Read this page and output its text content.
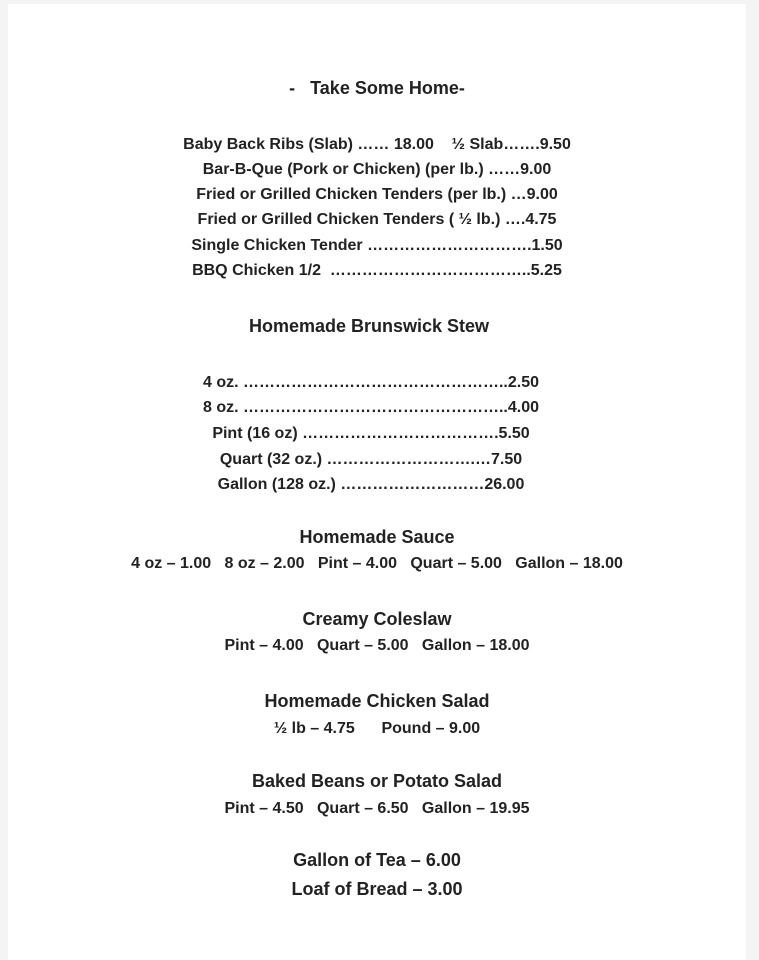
-   Take Some Home-
Baby Back Ribs (Slab) …… 18.00    ½ Slab…….9.50
Bar-B-Que (Pork or Chicken) (per lb.) ……9.00
Fried or Grilled Chicken Tenders (per lb.) …9.00
Fried or Grilled Chicken Tenders ( ½ lb.) ….4.75
Single Chicken Tender ………………………….1.50
BBQ Chicken 1/2  ………………………………..5.25
Homemade Brunswick Stew
4 oz. …………………………………………..2.50
8 oz. …………………………………………..4.00
Pint (16 oz) ……………………………….5.50
Quart (32 oz.) ……………………….…7.50
Gallon (128 oz.) ………………………26.00
Homemade Sauce
4 oz – 1.00   8 oz – 2.00   Pint – 4.00   Quart – 5.00   Gallon – 18.00
Creamy Coleslaw
Pint – 4.00   Quart – 5.00   Gallon – 18.00
Homemade Chicken Salad
½ lb – 4.75      Pound – 9.00
Baked Beans or Potato Salad
Pint – 4.50   Quart – 6.50   Gallon – 19.95
Gallon of Tea – 6.00
Loaf of Bread – 3.00
